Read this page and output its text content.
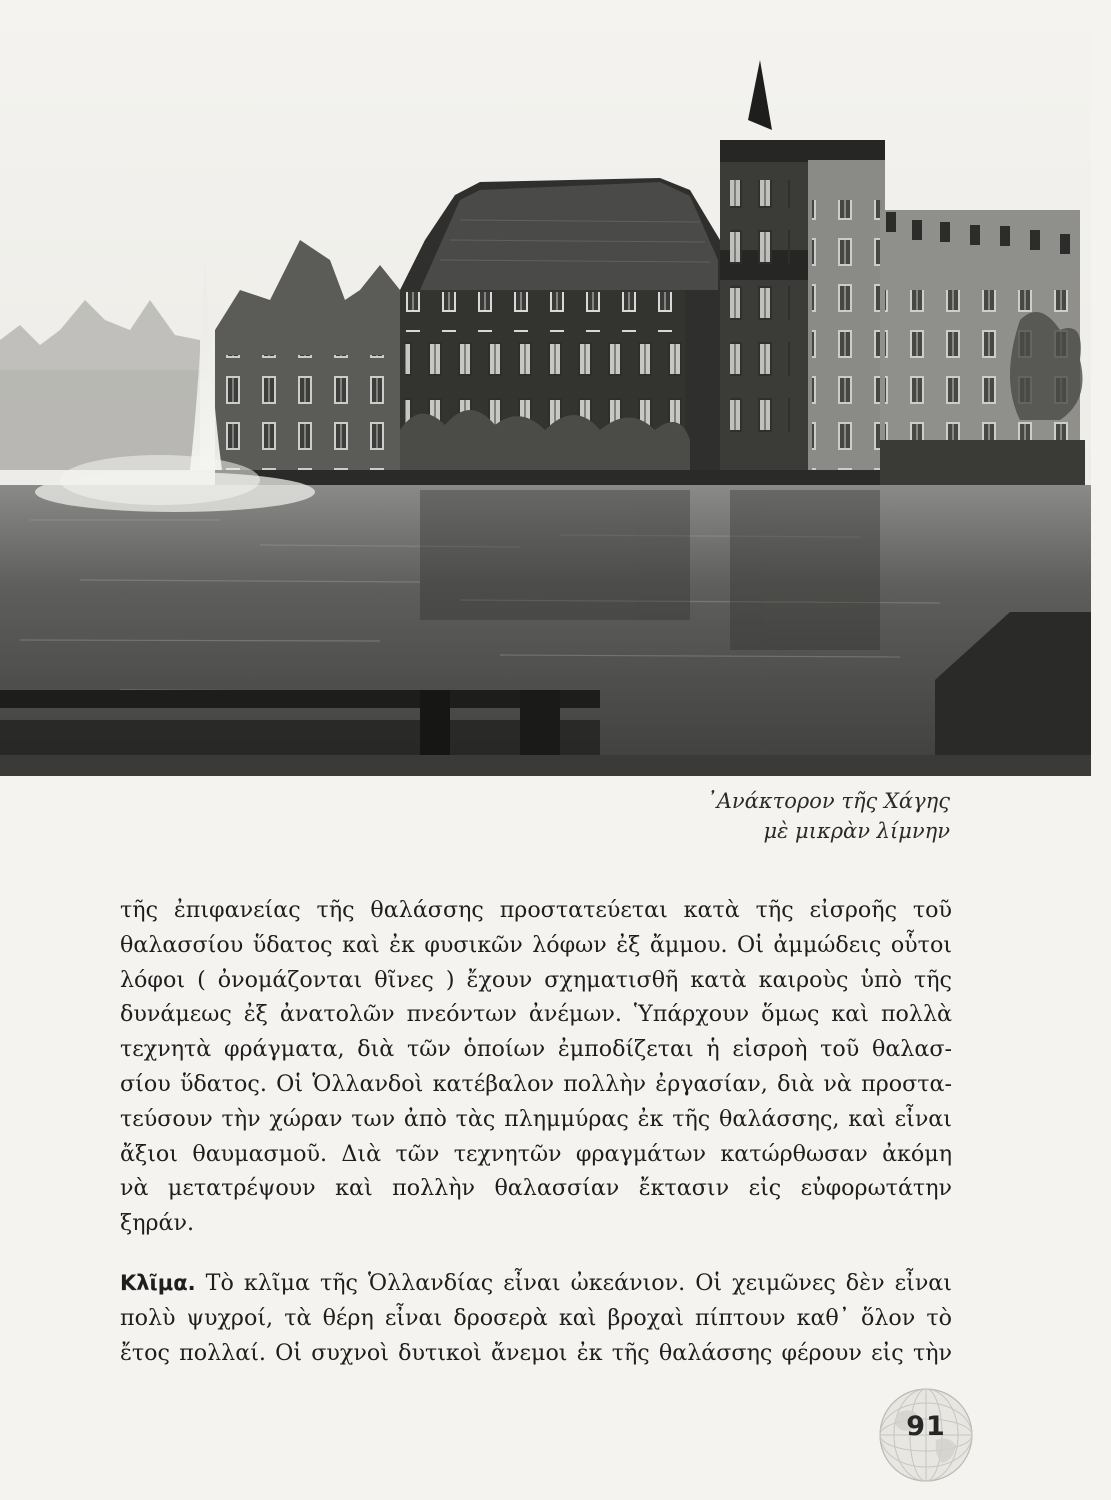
᾿Ανάκτορον τῆς Χάγης
μὲ μικρὰν λίμνην
τῆς ἐπιφανείας τῆς θαλάσσης προστατεύεται κατὰ τῆς εἰσροῆς τοῦ
θαλασσίου ὕδατος καὶ ἐκ φυσικῶν λόφων ἐξ ἄμμου. Οἱ ἀμμώδεις οὗτοι
λόφοι ( ὀνομάζονται θῖνες ) ἔχουν σχηματισθῆ κατὰ καιροὺς ὑπὸ τῆς
δυνάμεως ἐξ ἀνατολῶν πνεόντων ἀνέμων. Ὑπάρχουν ὅμως καὶ πολλὰ
τεχνητὰ φράγματα, διὰ τῶν ὁποίων ἐμποδίζεται ἡ εἰσροὴ τοῦ θαλασ-
σίου ὕδατος. Οἱ Ὁλλανδοὶ κατέβαλον πολλὴν ἐργασίαν, διὰ νὰ προστα-
τεύσουν τὴν χώραν των ἀπὸ τὰς πλημμύρας ἐκ τῆς θαλάσσης, καὶ εἶναι
ἄξιοι θαυμασμοῦ. Διὰ τῶν τεχνητῶν φραγμάτων κατώρθωσαν ἀκόμη
νὰ μετατρέψουν καὶ πολλὴν θαλασσίαν ἔκτασιν εἰς εὐφορωτάτην
ξηράν.
Κλῖμα. Τὸ κλῖμα τῆς Ὁλλανδίας εἶναι ὠκεάνιον. Οἱ χειμῶνες δὲν εἶναι
πολὺ ψυχροί, τὰ θέρη εἶναι δροσερὰ καὶ βροχαὶ πίπτουν καθ᾿ ὅλον τὸ
ἔτος πολλαί. Οἱ συχνοὶ δυτικοὶ ἄνεμοι ἐκ τῆς θαλάσσης φέρουν εἰς τὴν
91
